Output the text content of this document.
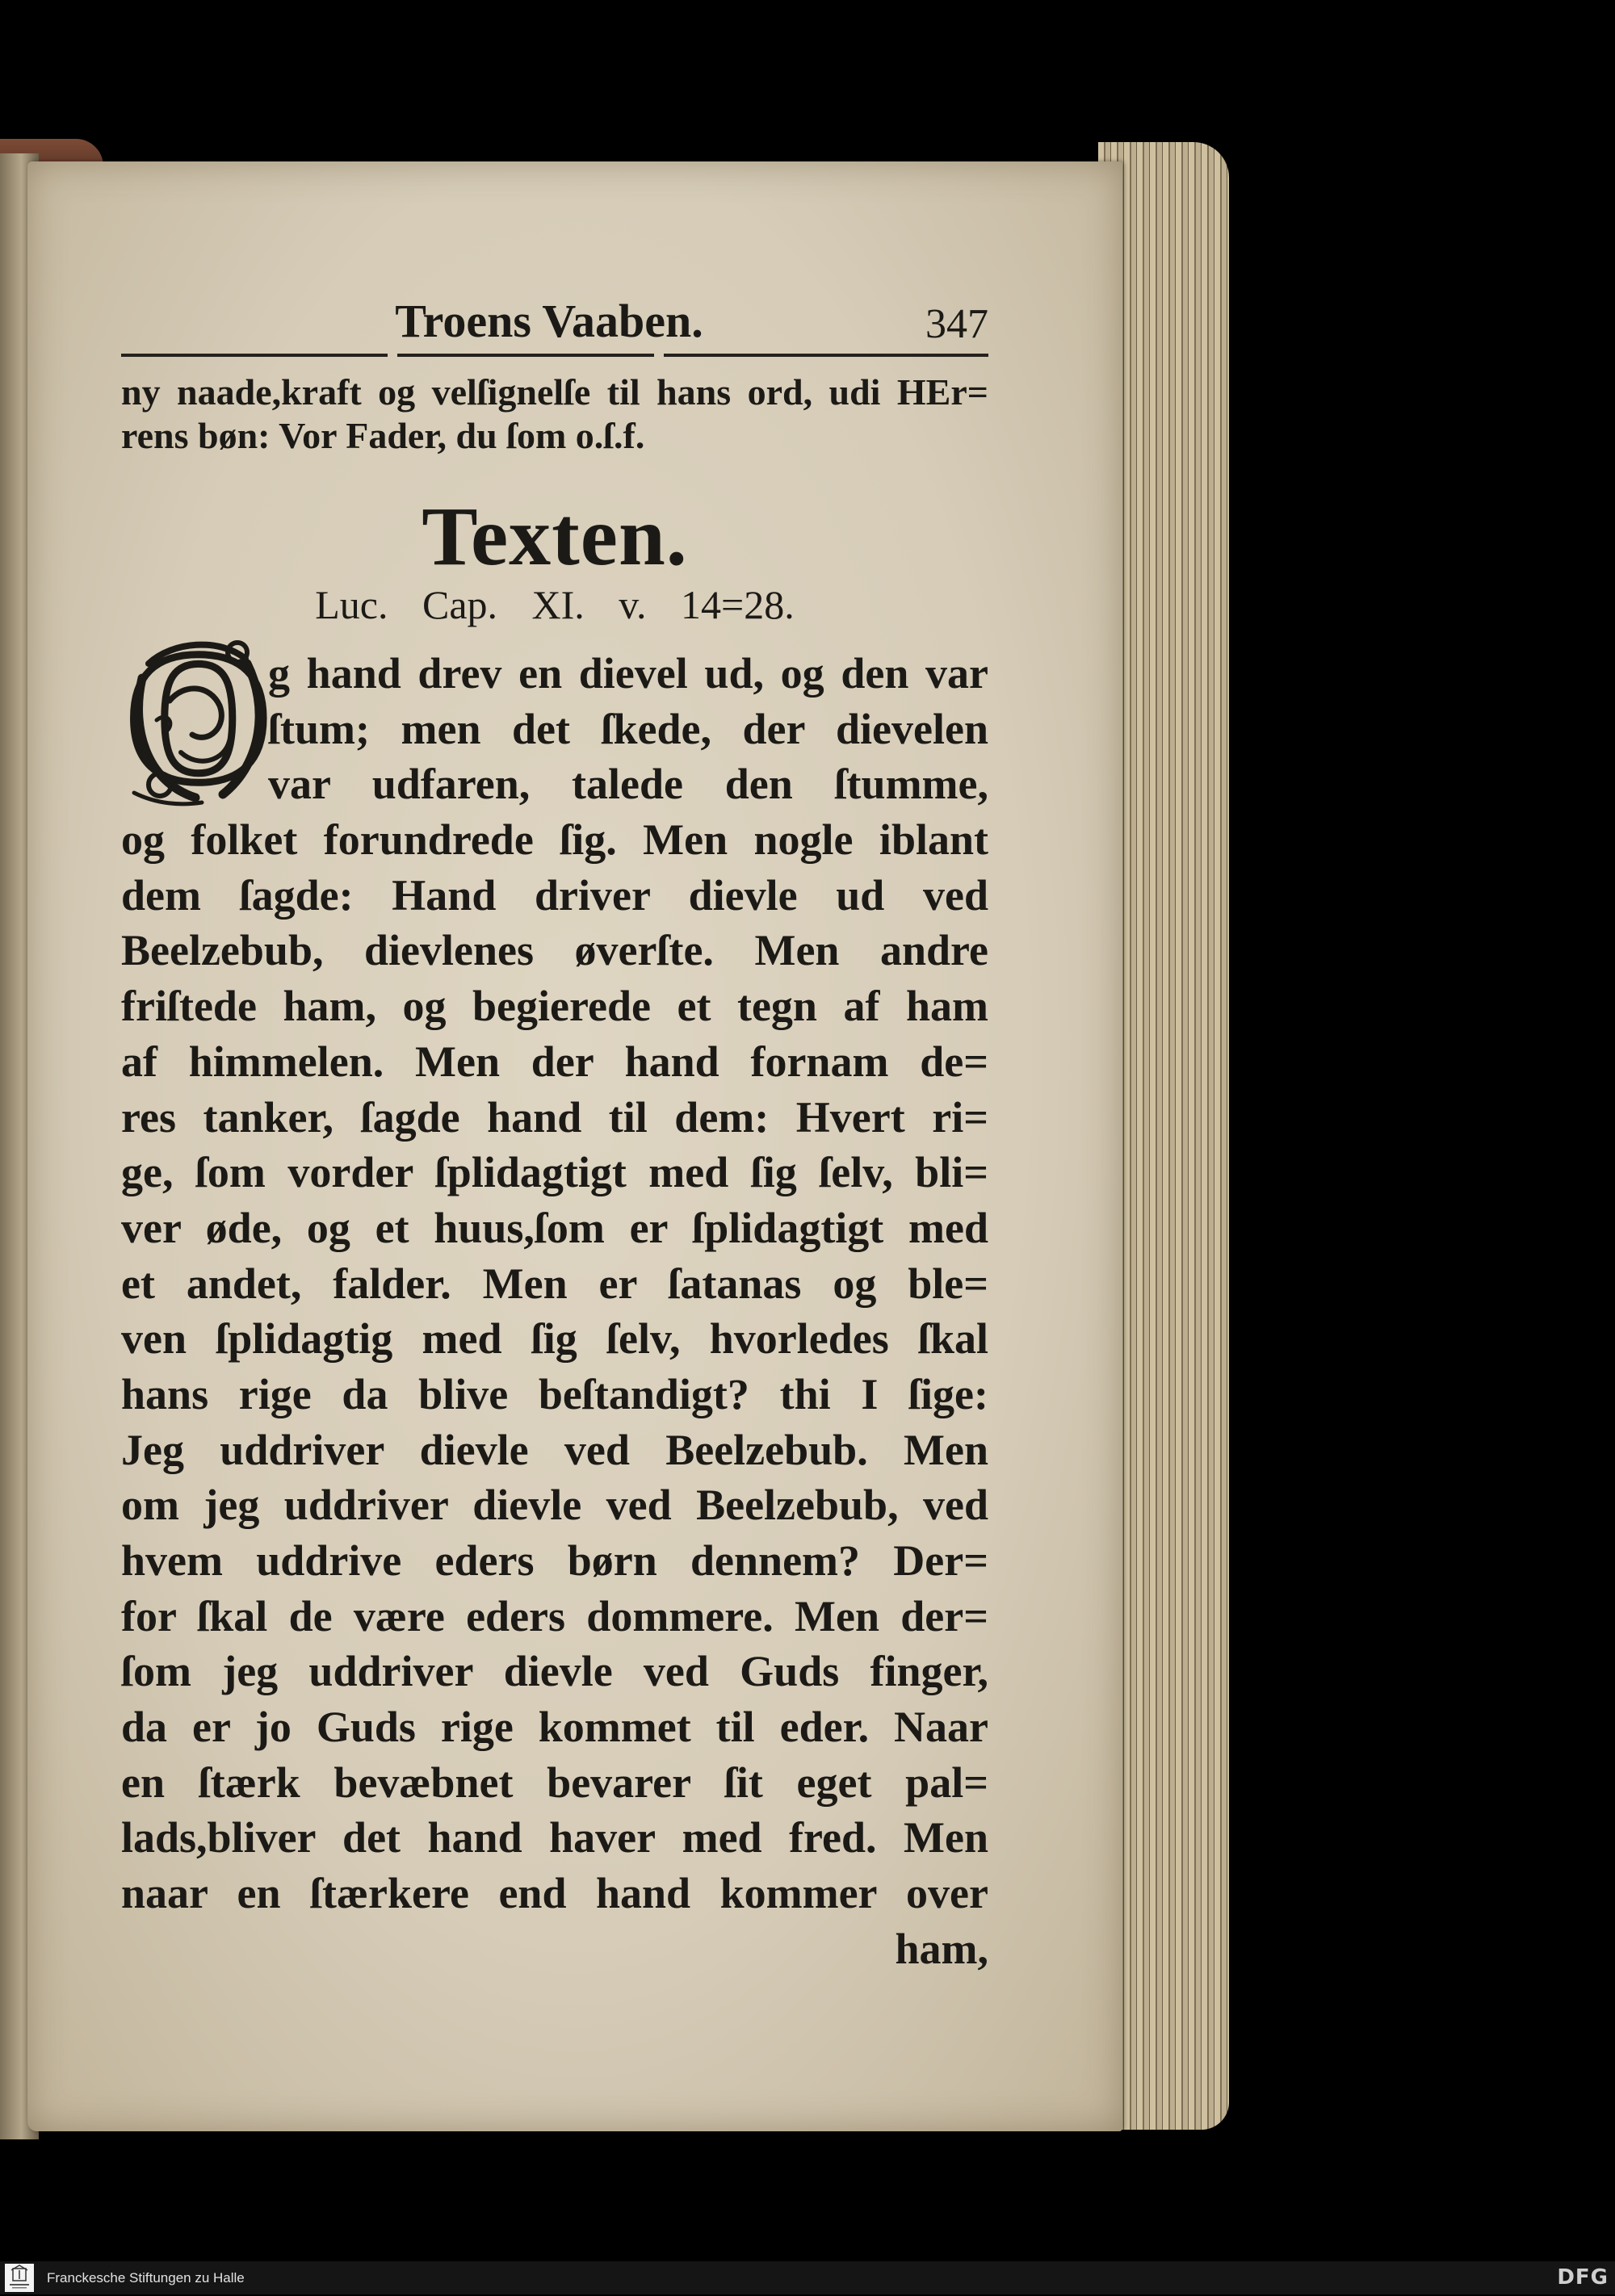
Troens Vaaben.	347
ny naade,kraft og velſignelſe til hans ord, udi HEr=
rens bøn: Vor Fader, du ſom o.ſ.f.
Texten.
Luc. Cap. XI. v. 14=28.
O
g hand drev en dievel ud, og den var
ſtum; men det ſkede, der dievelen
var udfaren, talede den ſtumme,
og folket forundrede ſig. Men nogle iblant
dem ſagde: Hand driver dievle ud ved
Beelzebub, dievlenes øverſte. Men andre
friſtede ham, og begierede et tegn af ham
af himmelen. Men der hand fornam de=
res tanker, ſagde hand til dem: Hvert ri=
ge, ſom vorder ſplidagtigt med ſig ſelv, bli=
ver øde, og et huus,ſom er ſplidagtigt med
et andet, falder. Men er ſatanas og ble=
ven ſplidagtig med ſig ſelv, hvorledes ſkal
hans rige da blive beſtandigt? thi I ſige:
Jeg uddriver dievle ved Beelzebub. Men
om jeg uddriver dievle ved Beelzebub, ved
hvem uddrive eders børn dennem? Der=
for ſkal de være eders dommere. Men der=
ſom jeg uddriver dievle ved Guds finger,
da er jo Guds rige kommet til eder. Naar
en ſtærk bevæbnet bevarer ſit eget pal=
lads,bliver det hand haver med fred. Men
naar en ſtærkere end hand kommer over
ham,
Franckesche Stiftungen zu Halle	DFG
